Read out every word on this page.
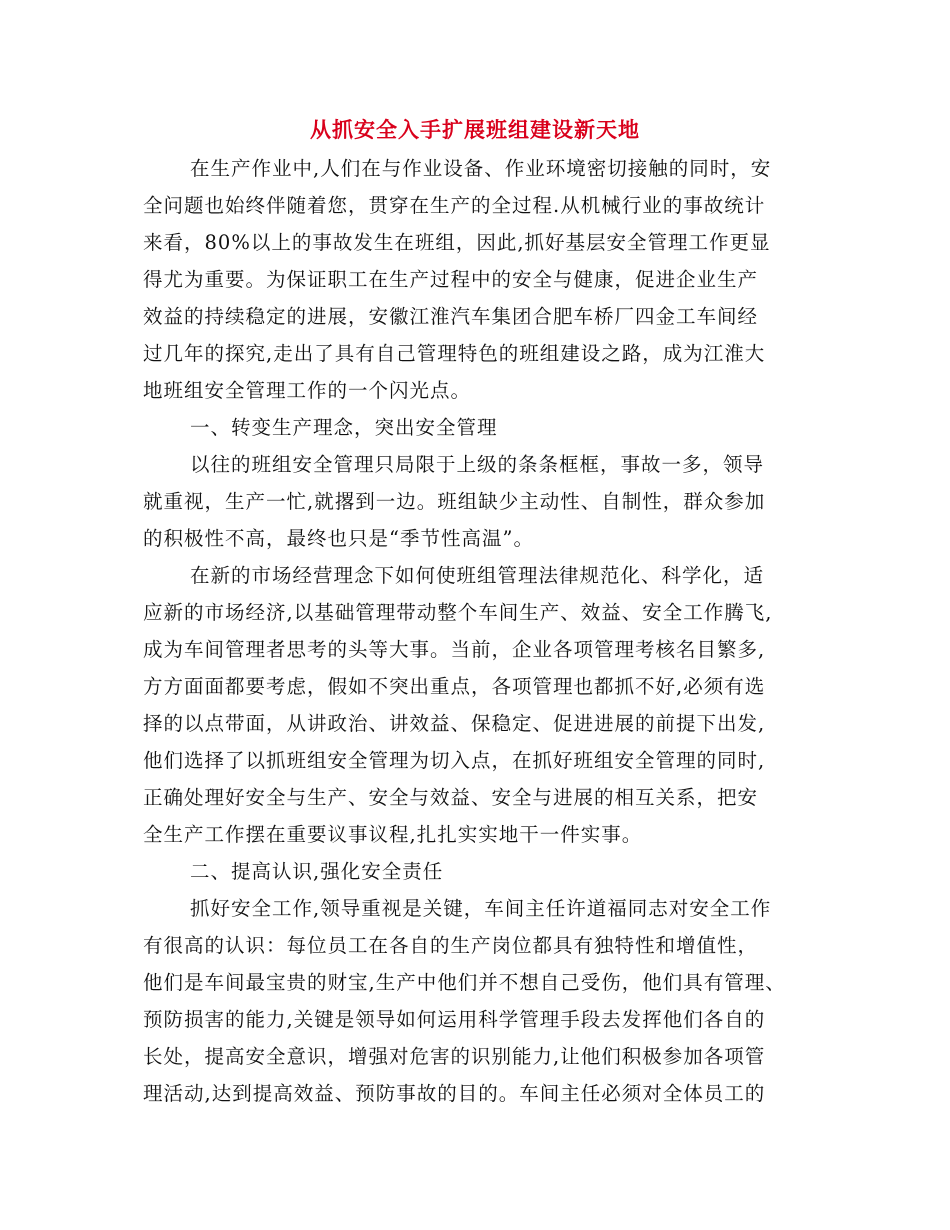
从抓安全入手扩展班组建设新天地
在生产作业中,人们在与作业设备、作业环境密切接触的同时，安
全问题也始终伴随着您，贯穿在生产的全过程.从机械行业的事故统计
来看，80%以上的事故发生在班组，因此,抓好基层安全管理工作更显
得尤为重要。为保证职工在生产过程中的安全与健康，促进企业生产
效益的持续稳定的进展，安徽江淮汽车集团合肥车桥厂四金工车间经
过几年的探究,走出了具有自己管理特色的班组建设之路，成为江淮大
地班组安全管理工作的一个闪光点。
一、转变生产理念，突出安全管理
以往的班组安全管理只局限于上级的条条框框，事故一多，领导
就重视，生产一忙,就撂到一边。班组缺少主动性、自制性，群众参加
的积极性不高，最终也只是“季节性高温”。
在新的市场经营理念下如何使班组管理法律规范化、科学化，适
应新的市场经济,以基础管理带动整个车间生产、效益、安全工作腾飞,
成为车间管理者思考的头等大事。当前，企业各项管理考核名目繁多,
方方面面都要考虑，假如不突出重点，各项管理也都抓不好,必须有选
择的以点带面，从讲政治、讲效益、保稳定、促进进展的前提下出发,
他们选择了以抓班组安全管理为切入点，在抓好班组安全管理的同时,
正确处理好安全与生产、安全与效益、安全与进展的相互关系，把安
全生产工作摆在重要议事议程,扎扎实实地干一件实事。
二、提高认识,强化安全责任
抓好安全工作,领导重视是关键，车间主任许道福同志对安全工作
有很高的认识：每位员工在各自的生产岗位都具有独特性和增值性，
他们是车间最宝贵的财宝,生产中他们并不想自己受伤，他们具有管理、
预防损害的能力,关键是领导如何运用科学管理手段去发挥他们各自的
长处，提高安全意识，增强对危害的识别能力,让他们积极参加各项管
理活动,达到提高效益、预防事故的目的。车间主任必须对全体员工的
